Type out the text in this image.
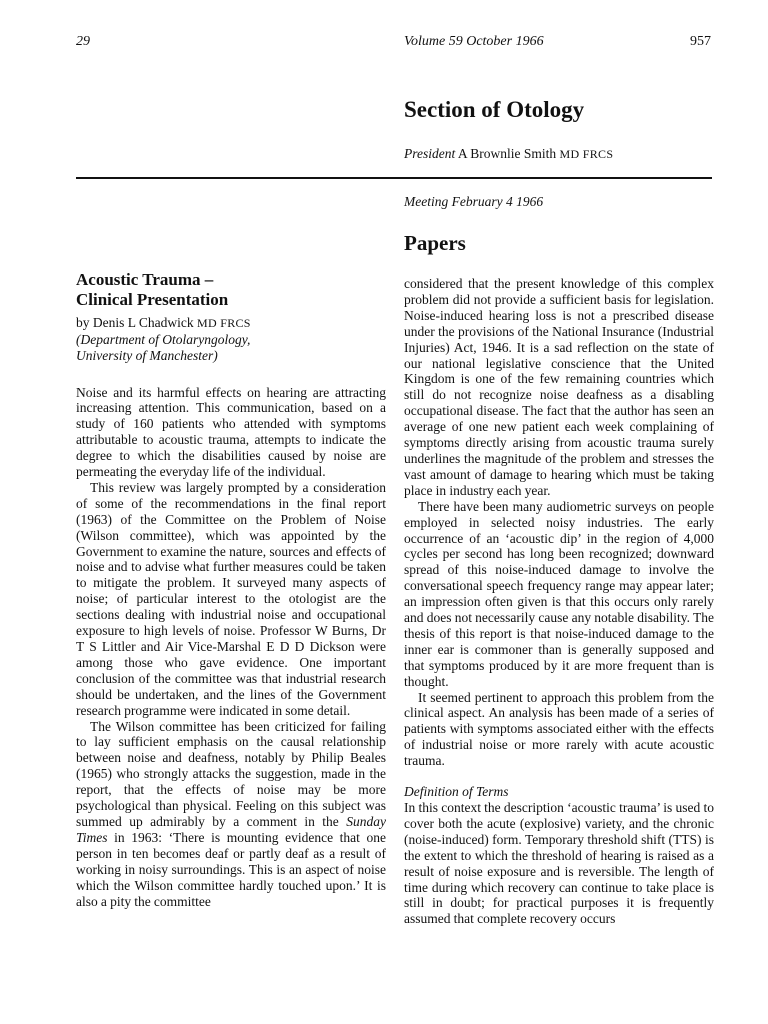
29	Volume 59 October 1966	957
Section of Otology
President A Brownlie Smith MD FRCS
Meeting February 4 1966
Papers
Acoustic Trauma –
Clinical Presentation
by Denis L Chadwick MD FRCS
(Department of Otolaryngology,
University of Manchester)

Noise and its harmful effects on hearing are attracting increasing attention. This communication, based on a study of 160 patients who attended with symptoms attributable to acoustic trauma, attempts to indicate the degree to which the disabilities caused by noise are permeating the everyday life of the individual.

This review was largely prompted by a consideration of some of the recommendations in the final report (1963) of the Committee on the Problem of Noise (Wilson committee), which was appointed by the Government to examine the nature, sources and effects of noise and to advise what further measures could be taken to mitigate the problem. It surveyed many aspects of noise; of particular interest to the otologist are the sections dealing with industrial noise and occupational exposure to high levels of noise. Professor W Burns, Dr T S Littler and Air Vice-Marshal E D D Dickson were among those who gave evidence. One important conclusion of the committee was that industrial research should be undertaken, and the lines of the Government research programme were indicated in some detail.

The Wilson committee has been criticized for failing to lay sufficient emphasis on the causal relationship between noise and deafness, notably by Philip Beales (1965) who strongly attacks the suggestion, made in the report, that the effects of noise may be more psychological than physical. Feeling on this subject was summed up admirably by a comment in the Sunday Times in 1963: ‘There is mounting evidence that one person in ten becomes deaf or partly deaf as a result of working in noisy surroundings. This is an aspect of noise which the Wilson committee hardly touched upon.’ It is also a pity the committee

considered that the present knowledge of this complex problem did not provide a sufficient basis for legislation. Noise-induced hearing loss is not a prescribed disease under the provisions of the National Insurance (Industrial Injuries) Act, 1946. It is a sad reflection on the state of our national legislative conscience that the United Kingdom is one of the few remaining countries which still do not recognize noise deafness as a disabling occupational disease. The fact that the author has seen an average of one new patient each week complaining of symptoms directly arising from acoustic trauma surely underlines the magnitude of the problem and stresses the vast amount of damage to hearing which must be taking place in industry each year.

There have been many audiometric surveys on people employed in selected noisy industries. The early occurrence of an ‘acoustic dip’ in the region of 4,000 cycles per second has long been recognized; downward spread of this noise-induced damage to involve the conversational speech frequency range may appear later; an impression often given is that this occurs only rarely and does not necessarily cause any notable disability. The thesis of this report is that noise-induced damage to the inner ear is commoner than is generally supposed and that symptoms produced by it are more frequent than is thought.

It seemed pertinent to approach this problem from the clinical aspect. An analysis has been made of a series of patients with symptoms associated either with the effects of industrial noise or more rarely with acute acoustic trauma.

Definition of Terms

In this context the description ‘acoustic trauma’ is used to cover both the acute (explosive) variety, and the chronic (noise-induced) form. Temporary threshold shift (TTS) is the extent to which the threshold of hearing is raised as a result of noise exposure and is reversible. The length of time during which recovery can continue to take place is still in doubt; for practical purposes it is frequently assumed that complete recovery occurs
